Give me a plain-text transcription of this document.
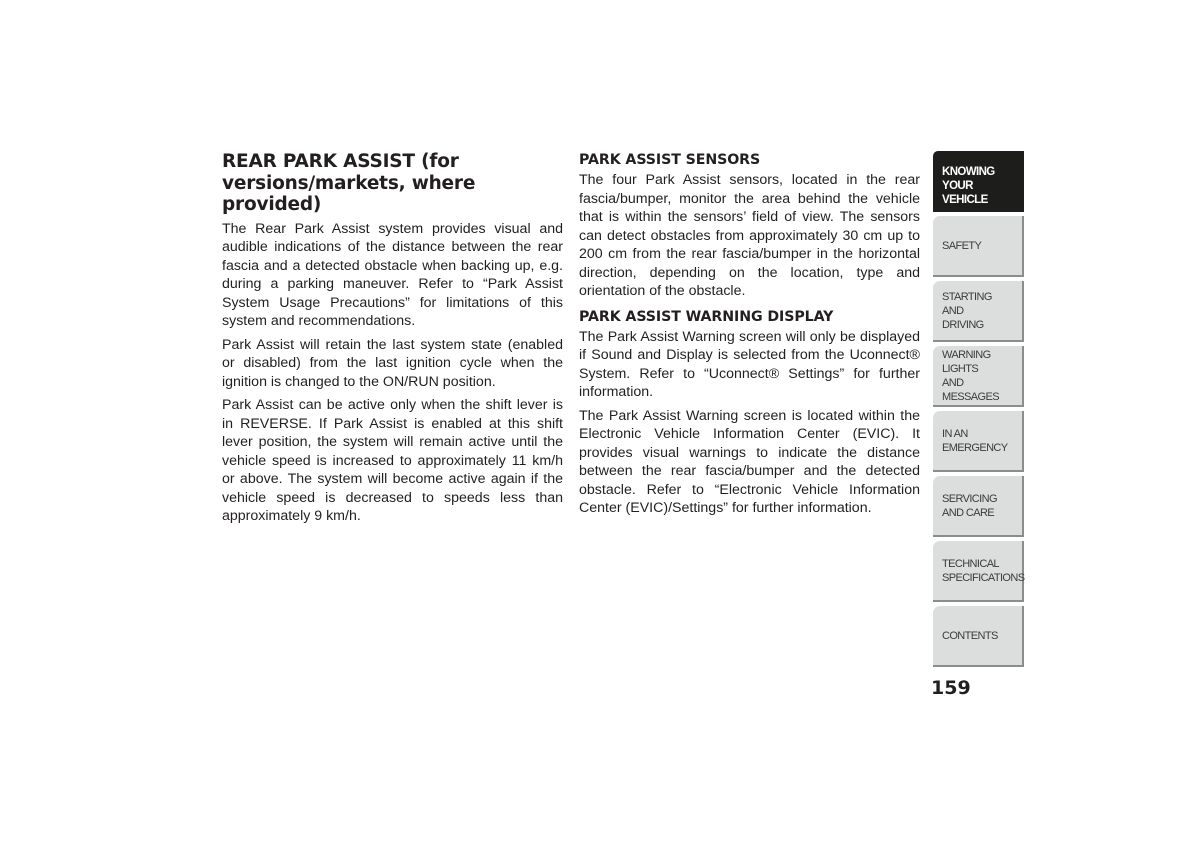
REAR PARK ASSIST (for versions/markets, where provided)

The Rear Park Assist system provides visual and audible indications of the distance between the rear fascia and a detected obstacle when backing up, e.g. during a parking maneuver. Refer to “Park Assist System Usage Precautions” for limitations of this system and recommendations.

Park Assist will retain the last system state (enabled or disabled) from the last ignition cycle when the ignition is changed to the ON/RUN position.

Park Assist can be active only when the shift lever is in REVERSE. If Park Assist is enabled at this shift lever position, the system will remain active until the vehicle speed is increased to approximately 11 km/h or above. The system will become active again if the vehicle speed is decreased to speeds less than approximately 9 km/h.

PARK ASSIST SENSORS

The four Park Assist sensors, located in the rear fascia/bumper, monitor the area behind the vehicle that is within the sensors’ field of view. The sensors can detect obstacles from approximately 30 cm up to 200 cm from the rear fascia/bumper in the horizontal direction, depending on the location, type and orientation of the obstacle.

PARK ASSIST WARNING DISPLAY

The Park Assist Warning screen will only be displayed if Sound and Display is selected from the Uconnect® System. Refer to “Uconnect® Settings” for further information.

The Park Assist Warning screen is located within the Electronic Vehicle Information Center (EVIC). It provides visual warnings to indicate the distance between the rear fascia/bumper and the detected obstacle. Refer to “Electronic Vehicle Information Center (EVIC)/Settings” for further information.

KNOWING
YOUR
VEHICLE
SAFETY
STARTING
AND
DRIVING
WARNING
LIGHTS
AND
MESSAGES
IN AN
EMERGENCY
SERVICING
AND CARE
TECHNICAL
SPECIFICATIONS
CONTENTS
159
